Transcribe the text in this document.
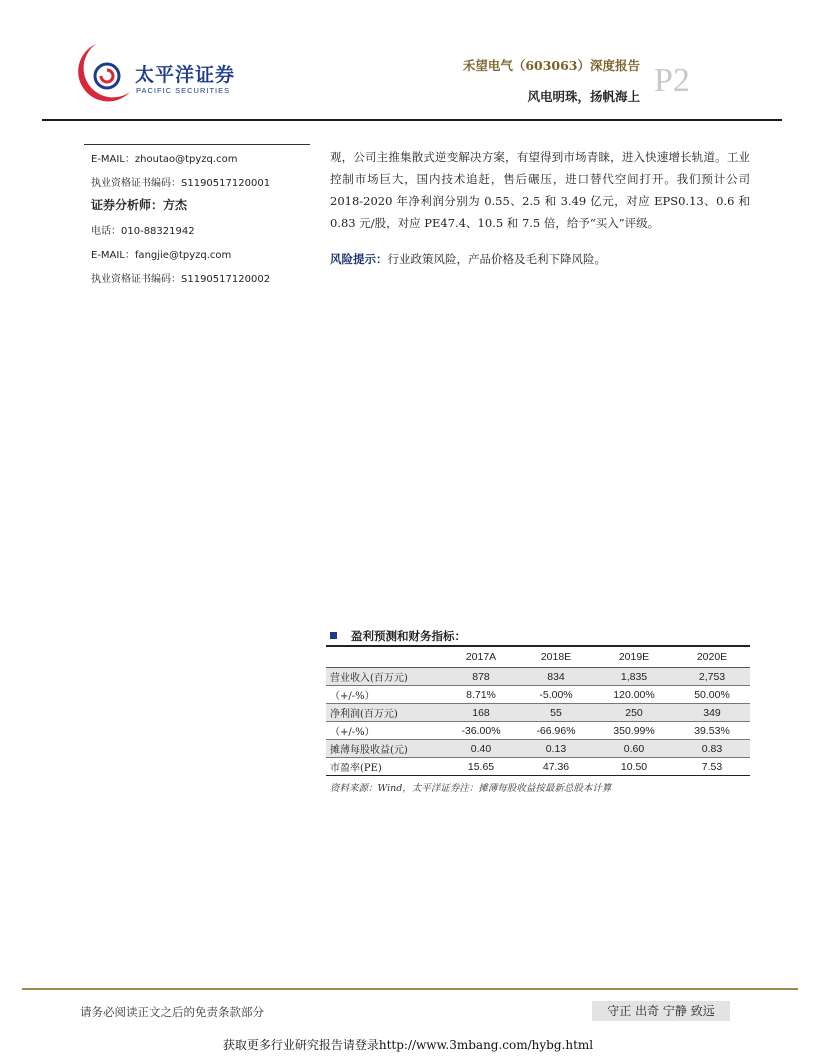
太平洋证券
PACIFIC SECURITIES
禾望电气（603063）深度报告
风电明珠，扬帆海上 P2
E-MAIL：zhoutao@tpyzq.com
执业资格证书编码：S1190517120001
证券分析师：方杰
电话：010-88321942
E-MAIL：fangjie@tpyzq.com
执业资格证书编码：S1190517120002
观，公司主推集散式逆变解决方案，有望得到市场青睐，进入快速增长轨道。工业控制市场巨大，国内技术追赶，售后碾压，进口替代空间打开。我们预计公司 2018-2020 年净利润分别为 0.55、2.5 和 3.49 亿元，对应 EPS0.13、0.6 和 0.83 元/股，对应 PE47.4、10.5 和 7.5 倍，给予“买入”评级。
风险提示：行业政策风险，产品价格及毛利下降风险。
盈利预测和财务指标：
	2017A	2018E	2019E	2020E
营业收入(百万元)	878	834	1,835	2,753
（+/-%）	8.71%	-5.00%	120.00%	50.00%
净利润(百万元)	168	55	250	349
（+/-%）	-36.00%	-66.96%	350.99%	39.53%
摊薄每股收益(元)	0.40	0.13	0.60	0.83
市盈率(PE)	15.65	47.36	10.50	7.53
资料来源：Wind，太平洋证券注：摊薄每股收益按最新总股本计算
请务必阅读正文之后的免责条款部分	守正 出奇 宁静 致远
获取更多行业研究报告请登录http://www.3mbang.com/hybg.html
